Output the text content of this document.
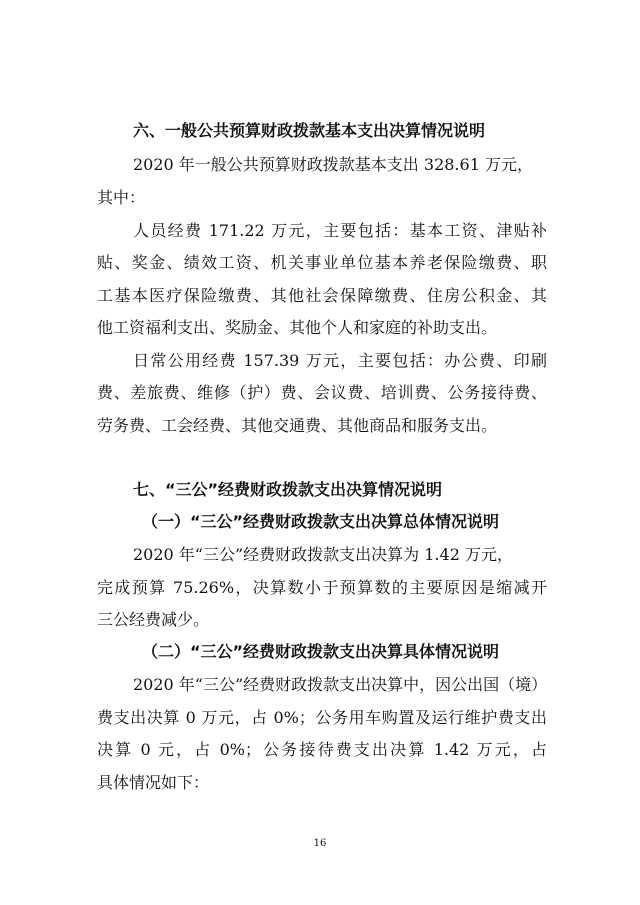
六、一般公共预算财政拨款基本支出决算情况说明
2020 年一般公共预算财政拨款基本支出 328.61 万元，
其中：
人员经费 171.22 万元，主要包括：基本工资、津贴补
贴、奖金、绩效工资、机关事业单位基本养老保险缴费、职
工基本医疗保险缴费、其他社会保障缴费、住房公积金、其
他工资福利支出、奖励金、其他个人和家庭的补助支出。
日常公用经费 157.39 万元，主要包括：办公费、印刷
费、差旅费、维修（护）费、会议费、培训费、公务接待费、
劳务费、工会经费、其他交通费、其他商品和服务支出。
七、“三公”经费财政拨款支出决算情况说明
（一）“三公”经费财政拨款支出决算总体情况说明
2020 年“三公”经费财政拨款支出决算为 1.42 万元，
完成预算 75.26%，决算数小于预算数的主要原因是缩减开
三公经费减少。
（二）“三公”经费财政拨款支出决算具体情况说明
2020 年“三公”经费财政拨款支出决算中，因公出国（境）
费支出决算 0 万元，占 0%；公务用车购置及运行维护费支出
决算 0 元，占 0%；公务接待费支出决算 1.42 万元，占
具体情况如下：
16
